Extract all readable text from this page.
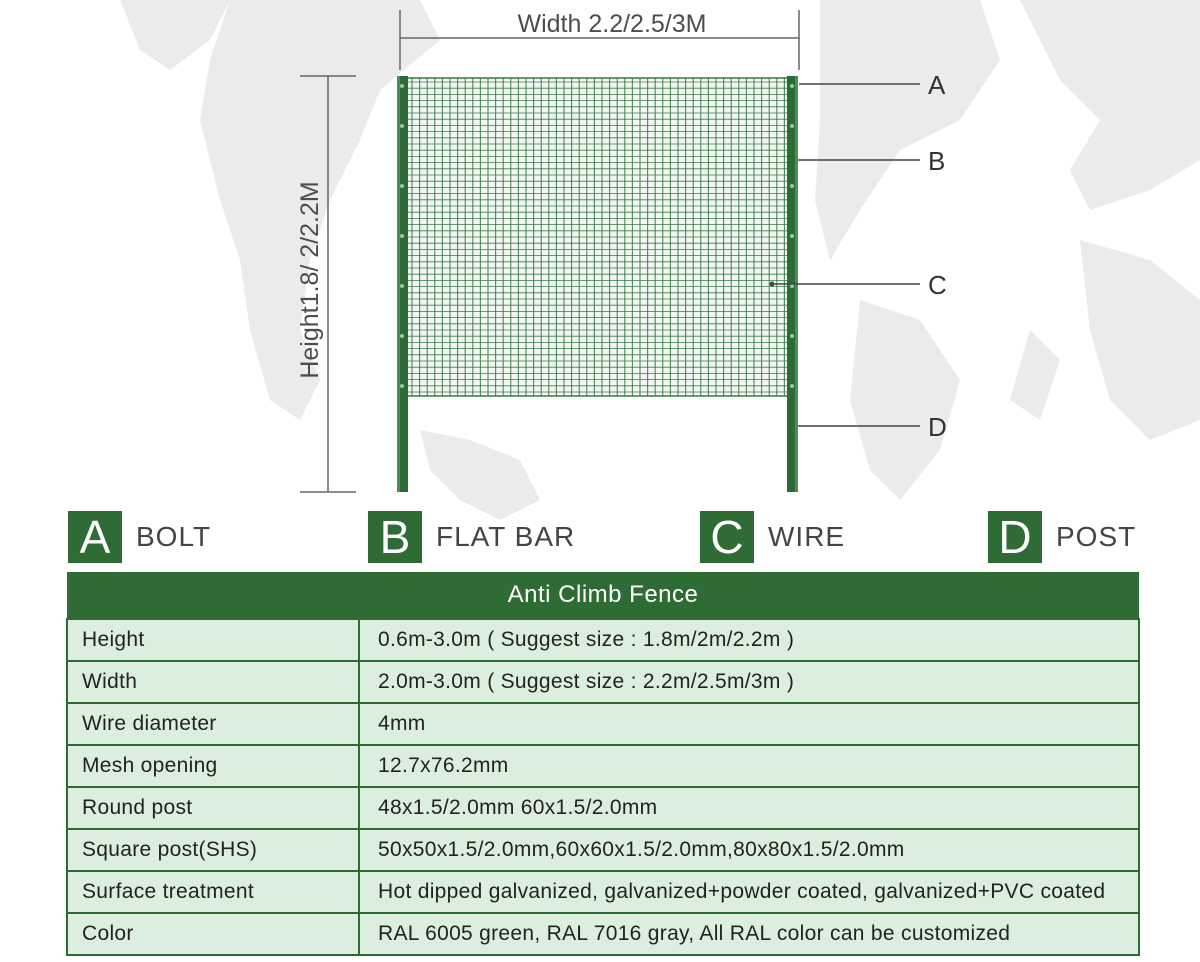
Width 2.2/2.5/3M
Height1.8/ 2/2.2M
A
B
C
D
A BOLT	B FLAT BAR	C WIRE	D POST
Anti Climb Fence	
Height	0.6m-3.0m ( Suggest size : 1.8m/2m/2.2m )
Width	2.0m-3.0m ( Suggest size : 2.2m/2.5m/3m )
Wire diameter	4mm
Mesh opening	12.7x76.2mm
Round post	48x1.5/2.0mm 60x1.5/2.0mm
Square post(SHS)	50x50x1.5/2.0mm,60x60x1.5/2.0mm,80x80x1.5/2.0mm
Surface treatment	Hot dipped galvanized, galvanized+powder coated, galvanized+PVC coated
Color	RAL 6005 green, RAL 7016 gray, All RAL color can be customized
